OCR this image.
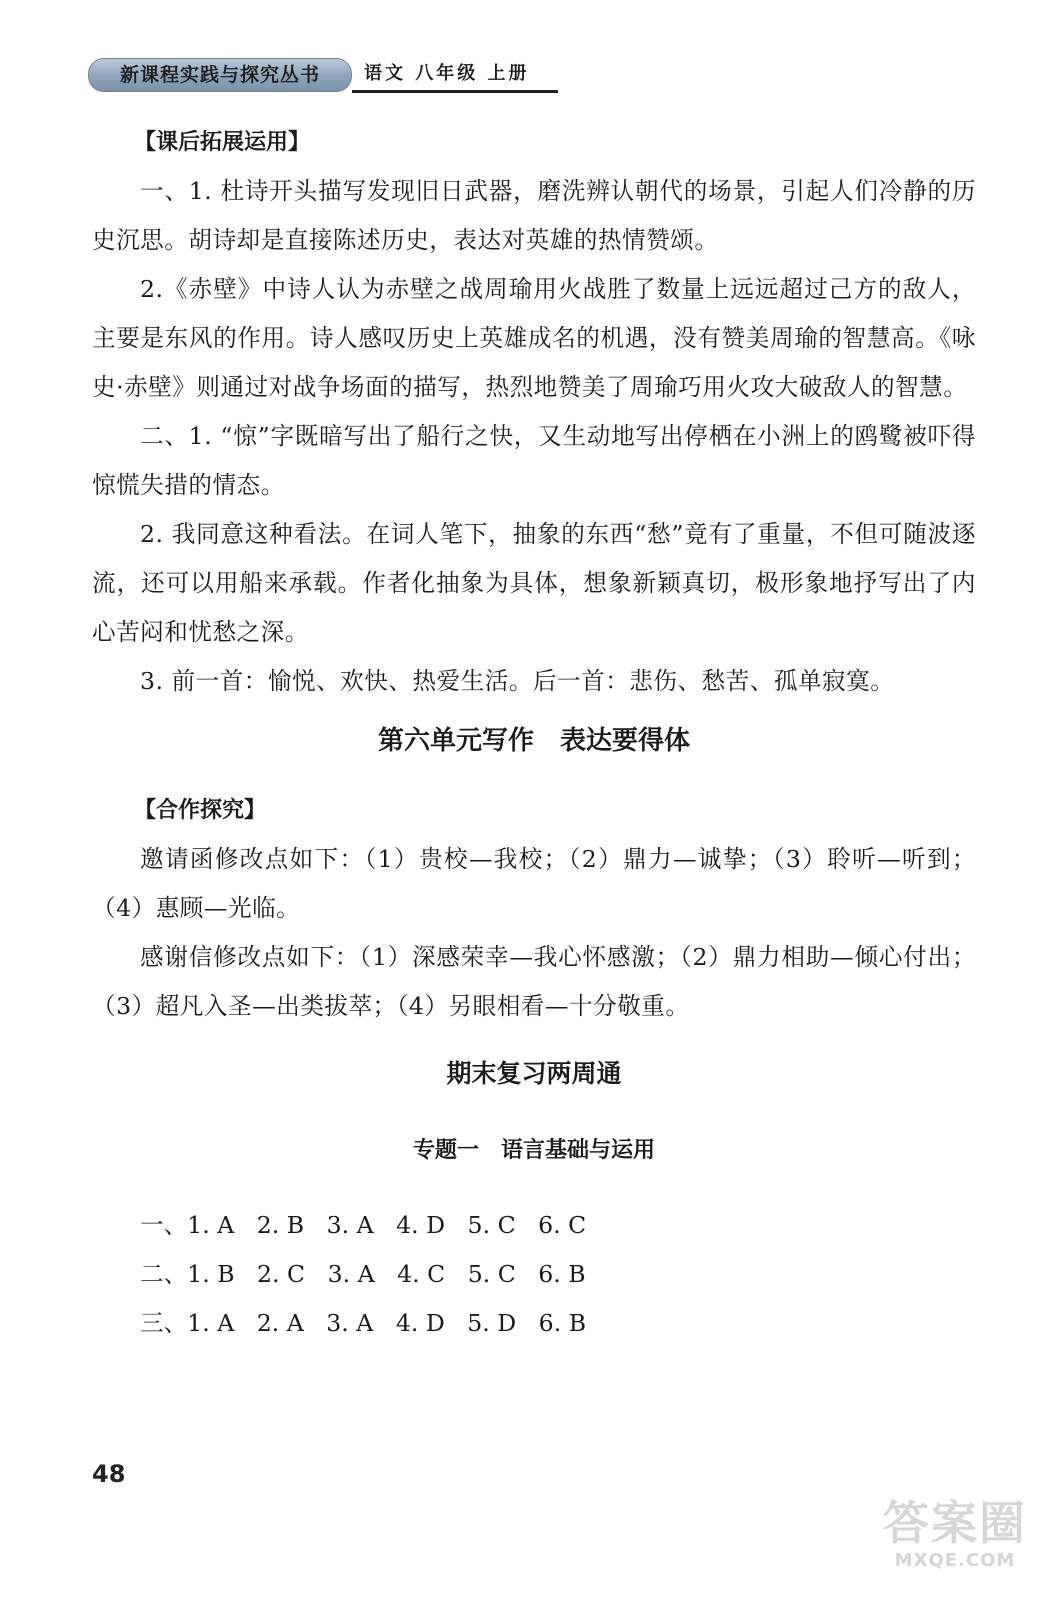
新课程实践与探究丛书	语文 八年级 上册

【课后拓展运用】

一、1. 杜诗开头描写发现旧日武器，磨洗辨认朝代的场景，引起人们冷静的历史沉思。胡诗却是直接陈述历史，表达对英雄的热情赞颂。

2.《赤壁》中诗人认为赤壁之战周瑜用火战胜了数量上远远超过己方的敌人，主要是东风的作用。诗人感叹历史上英雄成名的机遇，没有赞美周瑜的智慧高。《咏史·赤壁》则通过对战争场面的描写，热烈地赞美了周瑜巧用火攻大破敌人的智慧。

二、1. “惊”字既暗写出了船行之快，又生动地写出停栖在小洲上的鸥鹭被吓得惊慌失措的情态。

2. 我同意这种看法。在词人笔下，抽象的东西“愁”竟有了重量，不但可随波逐流，还可以用船来承载。作者化抽象为具体，想象新颖真切，极形象地抒写出了内心苦闷和忧愁之深。

3. 前一首：愉悦、欢快、热爱生活。后一首：悲伤、愁苦、孤单寂寞。

第六单元写作　表达要得体

【合作探究】

邀请函修改点如下：（1）贵校—我校；（2）鼎力—诚挚；（3）聆听—听到；（4）惠顾—光临。

感谢信修改点如下：（1）深感荣幸—我心怀感激；（2）鼎力相助—倾心付出；（3）超凡入圣—出类拔萃；（4）另眼相看—十分敬重。

期末复习两周通
专题一　语言基础与运用
一、1. A   2. B   3. A   4. D   5. C   6. C
二、1. B   2. C   3. A   4. C   5. C   6. B
三、1. A   2. A   3. A   4. D   5. D   6. B
48
答案圈
MXQE.COM
